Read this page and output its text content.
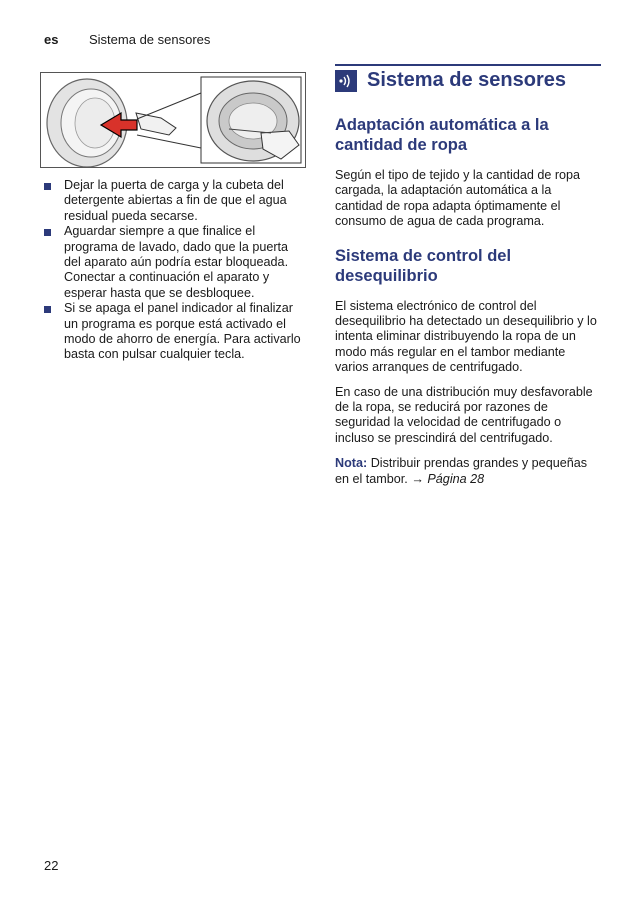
es Sistema de sensores
Dejar la puerta de carga y la cubeta del detergente abiertas a fin de que el agua residual pueda secarse.
Aguardar siempre a que finalice el programa de lavado, dado que la puerta del aparato aún podría estar bloqueada. Conectar a continuación el aparato y esperar hasta que se desbloquee.
Si se apaga el panel indicador al finalizar un programa es porque está activado el modo de ahorro de energía. Para activarlo basta con pulsar cualquier tecla.
Sistema de sensores
Adaptación automática a la cantidad de ropa

Según el tipo de tejido y la cantidad de ropa cargada, la adaptación automática a la cantidad de ropa adapta óptimamente el consumo de agua de cada programa.

Sistema de control del desequilibrio

El sistema electrónico de control del desequilibrio ha detectado un desequilibrio y lo intenta eliminar distribuyendo la ropa de un modo más regular en el tambor mediante varios arranques de centrifugado.

En caso de una distribución muy desfavorable de la ropa, se reducirá por razones de seguridad la velocidad de centrifugado o incluso se prescindirá del centrifugado.

Nota: Distribuir prendas grandes y pequeñas en el tambor. → Página 28

22
